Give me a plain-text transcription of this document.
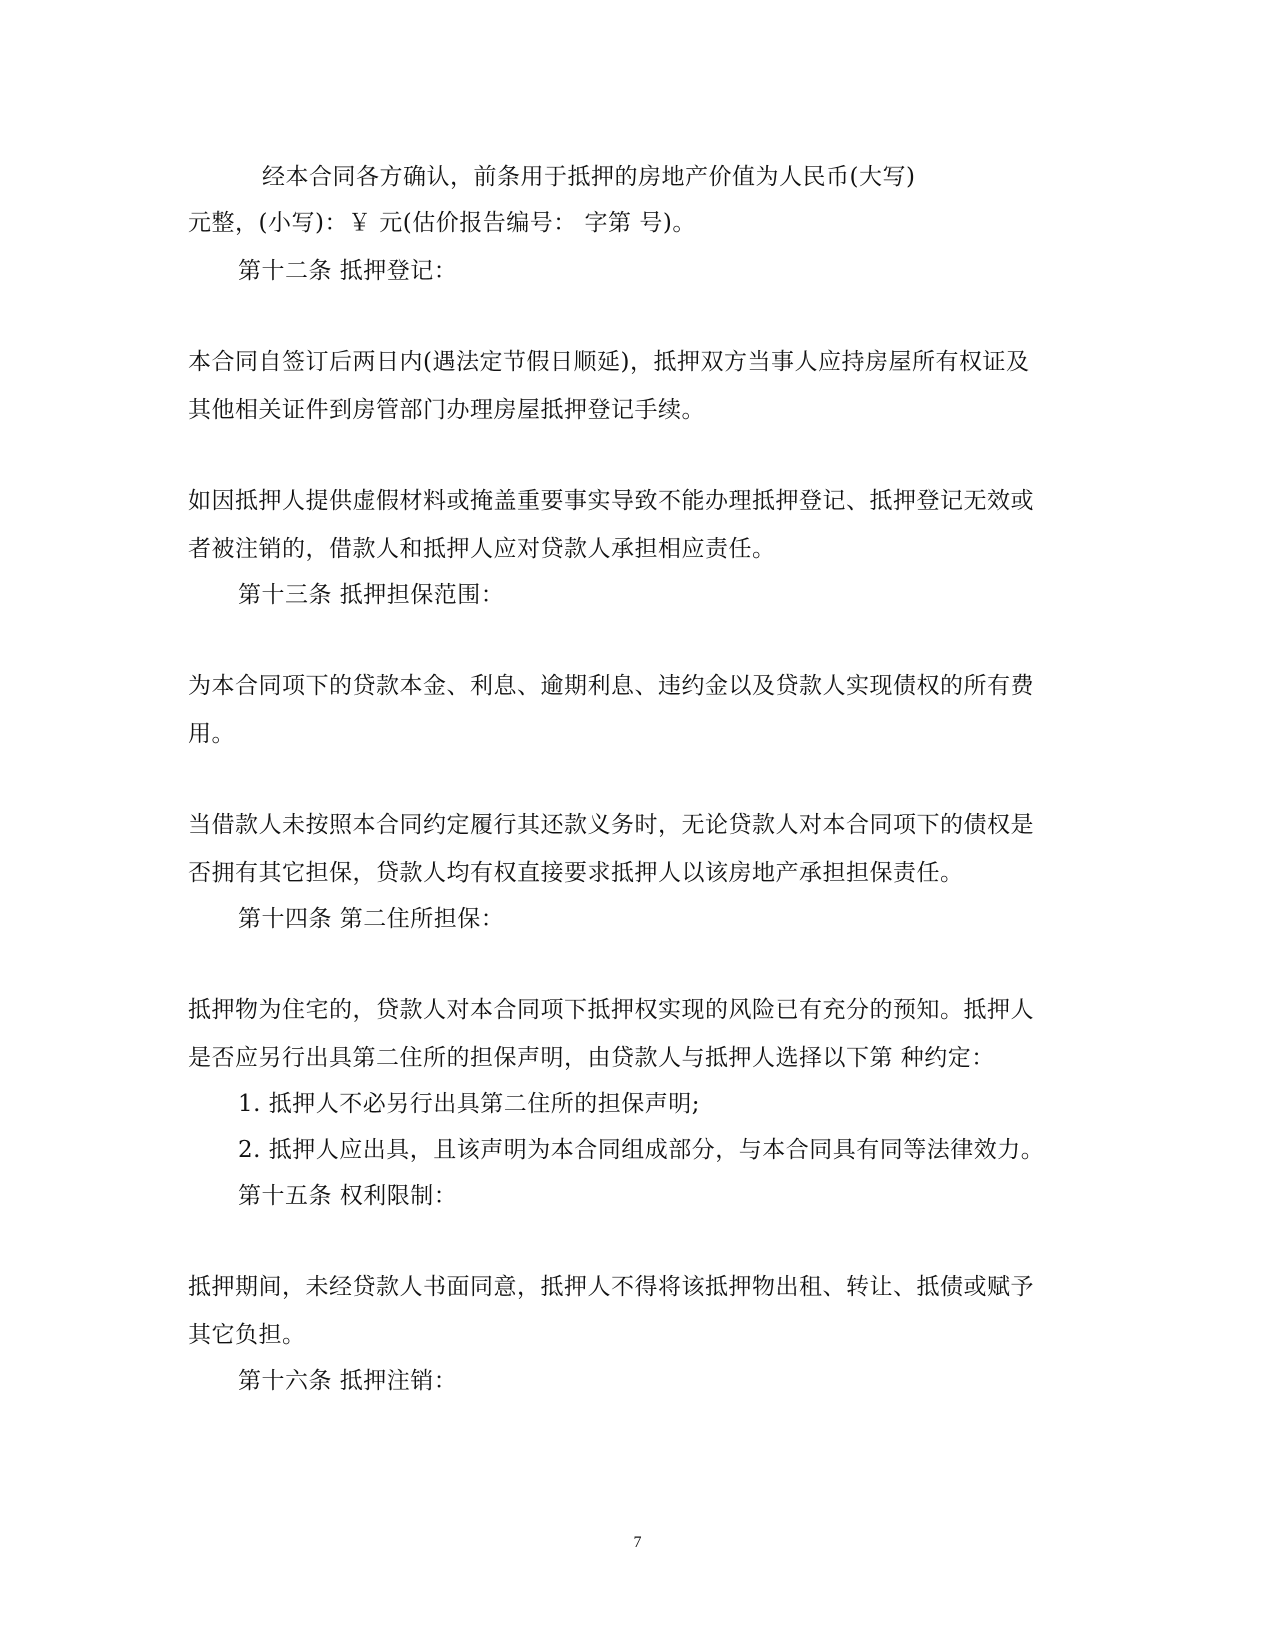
经本合同各方确认，前条用于抵押的房地产价值为人民币(大写)
元整，(小写)：￥ 元(估价报告编号： 字第 号)。
第十二条 抵押登记：
本合同自签订后两日内(遇法定节假日顺延)，抵押双方当事人应持房屋所有权证及
其他相关证件到房管部门办理房屋抵押登记手续。
如因抵押人提供虚假材料或掩盖重要事实导致不能办理抵押登记、抵押登记无效或
者被注销的，借款人和抵押人应对贷款人承担相应责任。
第十三条 抵押担保范围：
为本合同项下的贷款本金、利息、逾期利息、违约金以及贷款人实现债权的所有费
用。
当借款人未按照本合同约定履行其还款义务时，无论贷款人对本合同项下的债权是
否拥有其它担保，贷款人均有权直接要求抵押人以该房地产承担担保责任。
第十四条 第二住所担保：
抵押物为住宅的，贷款人对本合同项下抵押权实现的风险已有充分的预知。抵押人
是否应另行出具第二住所的担保声明，由贷款人与抵押人选择以下第 种约定：
1. 抵押人不必另行出具第二住所的担保声明;
2. 抵押人应出具，且该声明为本合同组成部分，与本合同具有同等法律效力。
第十五条 权利限制：
抵押期间，未经贷款人书面同意，抵押人不得将该抵押物出租、转让、抵债或赋予
其它负担。
第十六条 抵押注销：
7
